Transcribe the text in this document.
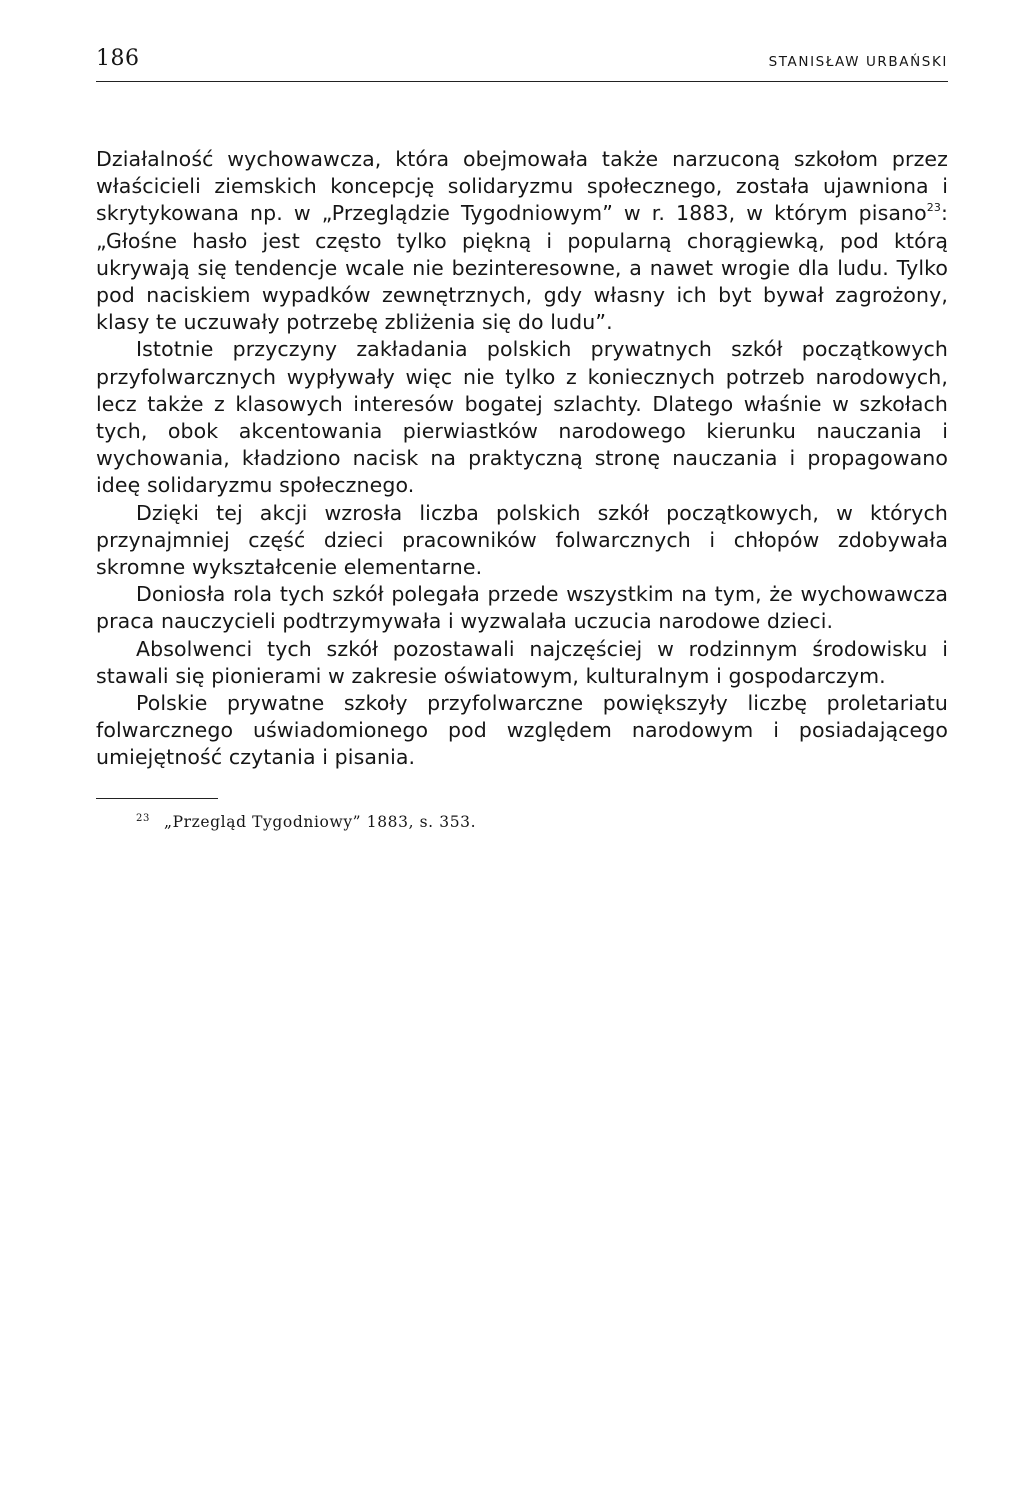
186	STANISŁAW URBAŃSKI

Działalność wychowawcza, która obejmowała także narzuconą szkołom przez właścicieli ziemskich koncepcję solidaryzmu społecznego, została ujawniona i skrytykowana np. w „Przeglądzie Tygodniowym” w r. 1883, w którym pisano$^{23}$: „Głośne hasło jest często tylko piękną i popularną chorągiewką, pod którą ukrywają się tendencje wcale nie bezinteresowne, a nawet wrogie dla ludu. Tylko pod naciskiem wypadków zewnętrznych, gdy własny ich byt bywał zagrożony, klasy te uczuwały potrzebę zbliżenia się do ludu”.

Istotnie przyczyny zakładania polskich prywatnych szkół początkowych przyfolwarcznych wypływały więc nie tylko z koniecznych potrzeb narodowych, lecz także z klasowych interesów bogatej szlachty. Dlatego właśnie w szkołach tych, obok akcentowania pierwiastków narodowego kierunku nauczania i wychowania, kładziono nacisk na praktyczną stronę nauczania i propagowano ideę solidaryzmu społecznego.

Dzięki tej akcji wzrosła liczba polskich szkół początkowych, w których przynajmniej część dzieci pracowników folwarcznych i chłopów zdobywała skromne wykształcenie elementarne.

Doniosła rola tych szkół polegała przede wszystkim na tym, że wychowawcza praca nauczycieli podtrzymywała i wyzwalała uczucia narodowe dzieci.

Absolwenci tych szkół pozostawali najczęściej w rodzinnym środowisku i stawali się pionierami w zakresie oświatowym, kulturalnym i gospodarczym.

Polskie prywatne szkoły przyfolwarczne powiększyły liczbę proletariatu folwarcznego uświadomionego pod względem narodowym i posiadającego umiejętność czytania i pisania.

$^{23}$ „Przegląd Tygodniowy” 1883, s. 353.
